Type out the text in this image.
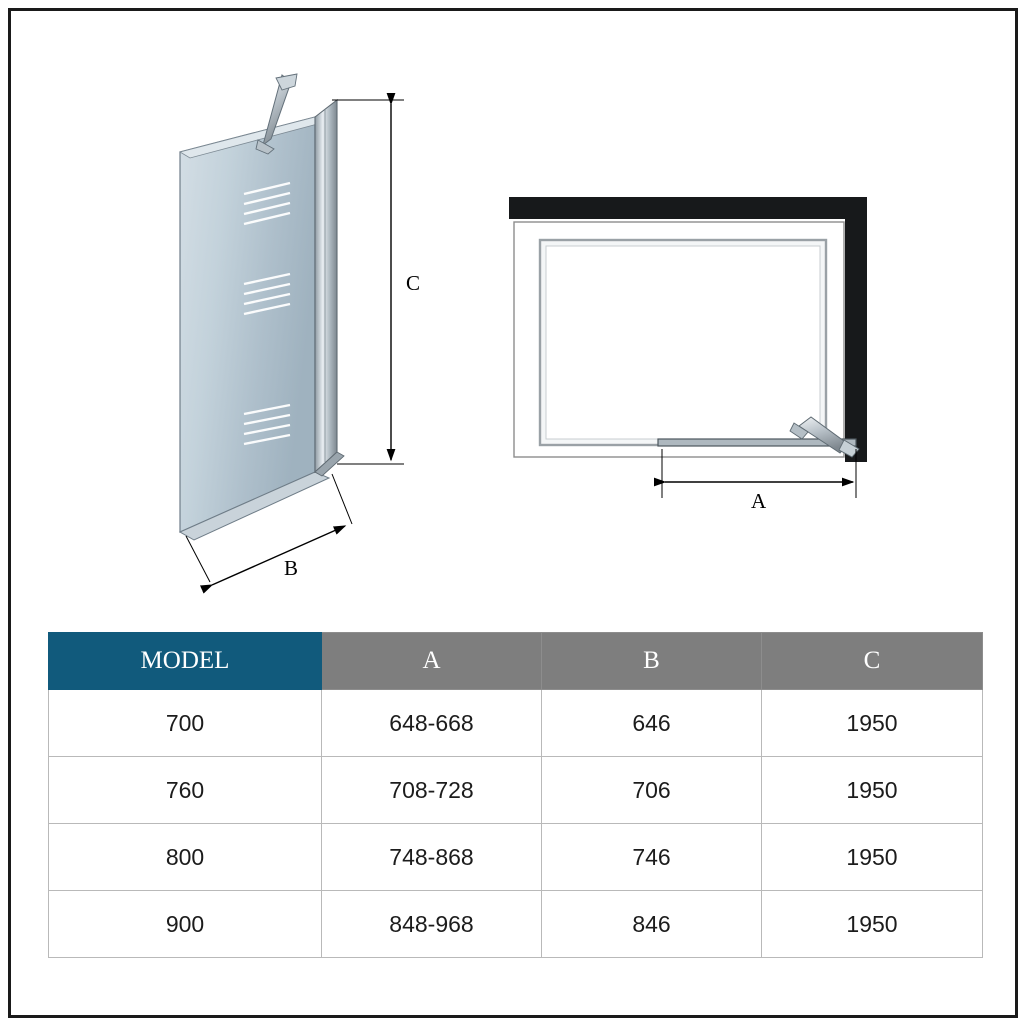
C
B
A
MODEL	A	B	C
700	648-668	646	1950
760	708-728	706	1950
800	748-868	746	1950
900	848-968	846	1950
